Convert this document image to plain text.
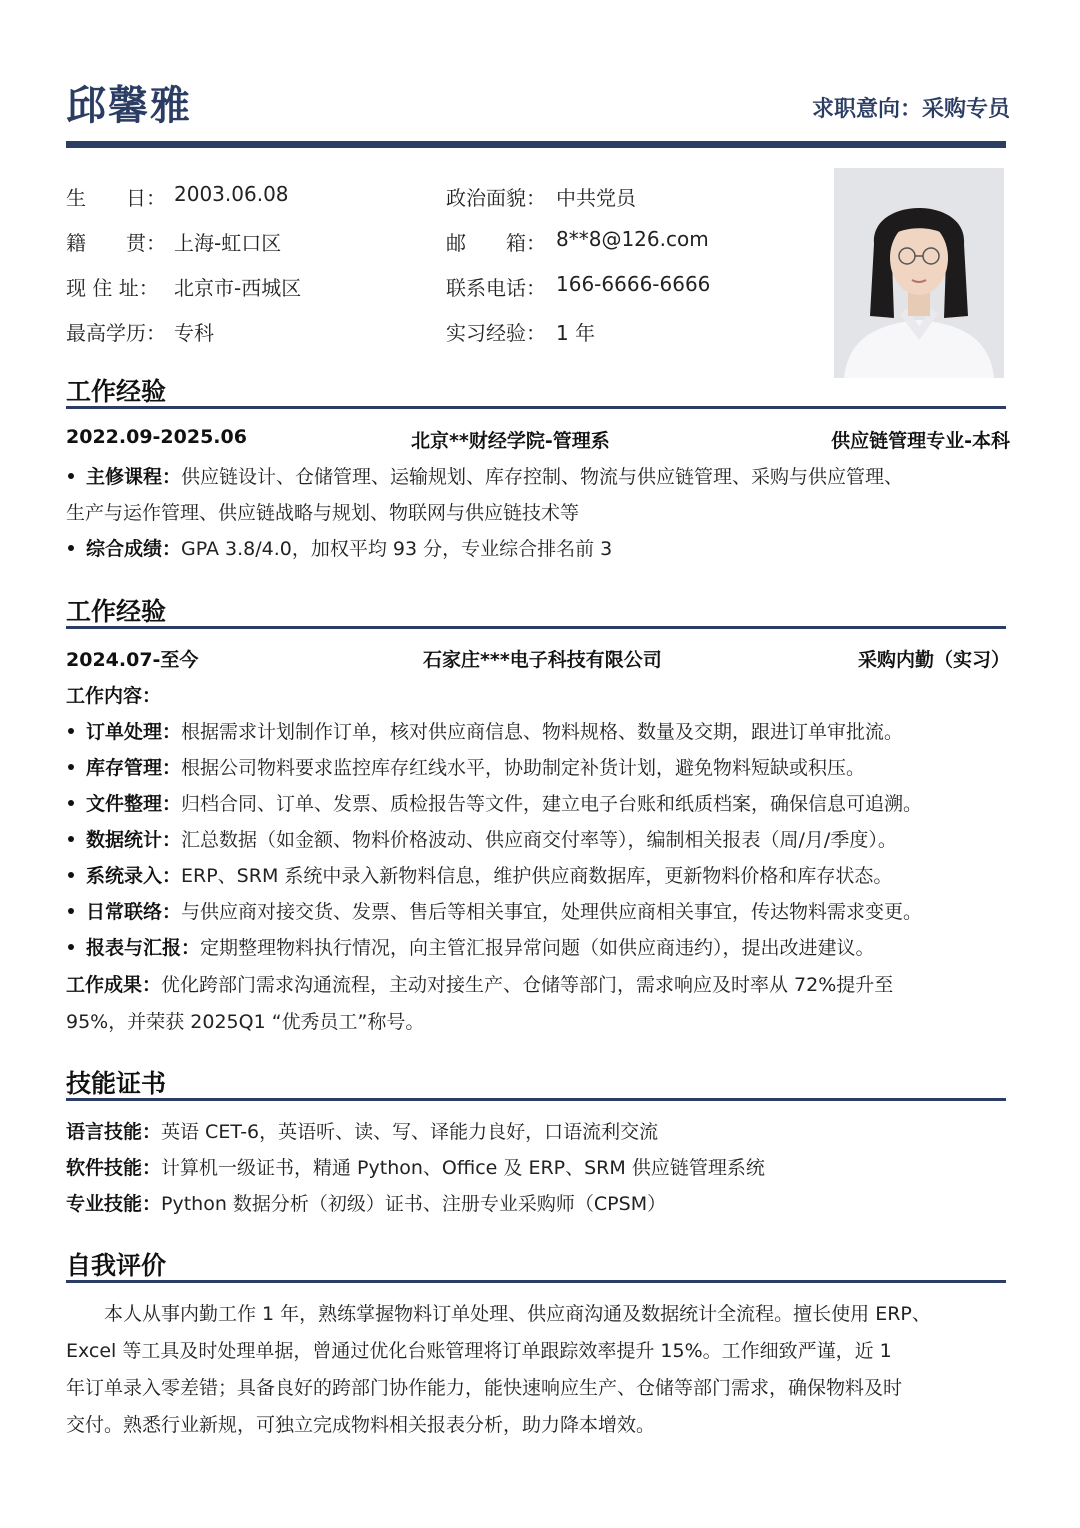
邱馨雅	求职意向：采购专员
生　　日： 2003.06.08	政治面貌： 中共党员
籍　　贯： 上海-虹口区	邮　　箱： 8**8@126.com
现 住 址： 北京市-西城区	联系电话： 166-6666-6666
最高学历： 专科	实习经验： 1 年
工作经验
2022.09-2025.06	北京**财经学院-管理系	供应链管理专业-本科
主修课程：供应链设计、仓储管理、运输规划、库存控制、物流与供应链管理、采购与供应管理、
生产与运作管理、供应链战略与规划、物联网与供应链技术等
综合成绩：GPA 3.8/4.0，加权平均 93 分，专业综合排名前 3
工作经验
2024.07-至今	石家庄***电子科技有限公司	采购内勤（实习）
工作内容：
订单处理：根据需求计划制作订单，核对供应商信息、物料规格、数量及交期，跟进订单审批流。
库存管理：根据公司物料要求监控库存红线水平，协助制定补货计划，避免物料短缺或积压。
文件整理：归档合同、订单、发票、质检报告等文件，建立电子台账和纸质档案，确保信息可追溯。
数据统计：汇总数据（如金额、物料价格波动、供应商交付率等），编制相关报表（周/月/季度）。
系统录入：ERP、SRM 系统中录入新物料信息，维护供应商数据库，更新物料价格和库存状态。
日常联络：与供应商对接交货、发票、售后等相关事宜，处理供应商相关事宜，传达物料需求变更。
报表与汇报：定期整理物料执行情况，向主管汇报异常问题（如供应商违约），提出改进建议。
工作成果：优化跨部门需求沟通流程，主动对接生产、仓储等部门，需求响应及时率从 72%提升至
95%，并荣获 2025Q1 “优秀员工”称号。
技能证书
语言技能：英语 CET-6，英语听、读、写、译能力良好，口语流利交流
软件技能：计算机一级证书，精通 Python、Office 及 ERP、SRM 供应链管理系统
专业技能：Python 数据分析（初级）证书、注册专业采购师（CPSM）
自我评价
本人从事内勤工作 1 年，熟练掌握物料订单处理、供应商沟通及数据统计全流程。擅长使用 ERP、
Excel 等工具及时处理单据，曾通过优化台账管理将订单跟踪效率提升 15%。工作细致严谨，近 1
年订单录入零差错；具备良好的跨部门协作能力，能快速响应生产、仓储等部门需求，确保物料及时
交付。熟悉行业新规，可独立完成物料相关报表分析，助力降本增效。
